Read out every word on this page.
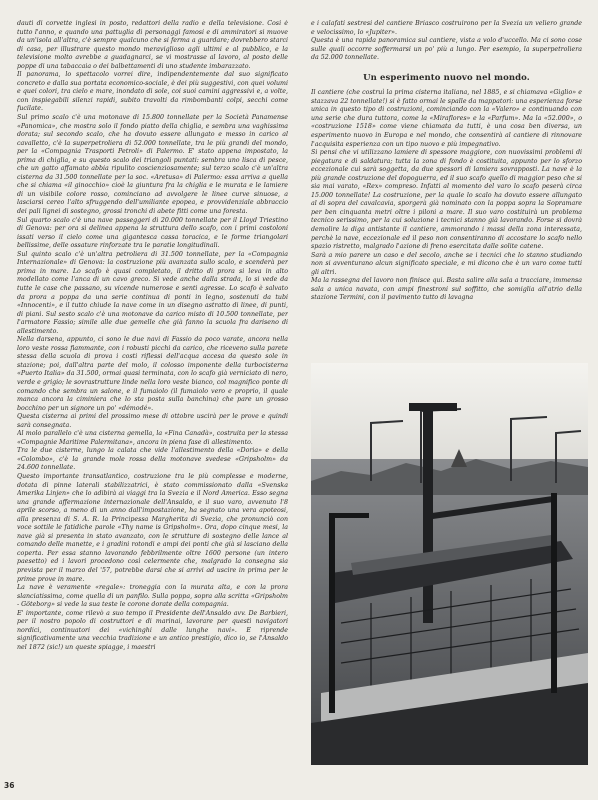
dauti di corvette inglesi in posto, redattori della radio e della televisione. Così è tutto l'anno, e quando una pattuglia di personaggi famosi e di ammiratori si muove da un'isola all'altra, c'è sempre qualcuno che si ferma a guardare; dovrebbero starci di casa, per illustrare questo mondo meraviglioso agli ultimi e al pubblico, e la televisione molto avrebbe a guadagnarci, se vi mostrasse al lavoro, al posto delle poppe di una tabaccaia o dei balbettamenti di uno studente imbarazzato.

Il panorama, lo spettacolo vorrei dire, indipendentemente dal suo significato concreto e dalla sua portata economico-sociale, è dei più suggestivi, con quei volumi e quei colori, tra cielo e mare, inondato di sole, coi suoi camini aggressivi e, a volte, con inspiegabili silenzi rapidi, subito travolti da rimbombanti colpi, secchi come fucilate.

Sul primo scalo c'è una motonave di 15.800 tonnellate per la Società Panamense «Panomica», che mostra solo il fondo piatto della chiglia, e sembra una vaghissima dorata; sul secondo scalo, che ha dovuto essere allungato e messo in carico al cavalletto, c'è la superpetroliera di 52.000 tonnellate, tra le più grandi del mondo, per la «Compagnia Trasporti Petroli» di Palermo. E' stato appena impostato, la prima di chiglia, e su questo scalo dei triangoli puntati: sembra uno lisca di pesce, che un gatto affamato abbia ripulito coscienziosamente; sul terzo scalo c'è un'altra cisterna da 31.500 tonnellate per la soc. «Aretusa» di Palermo: essa arriva a quella che si chiama «il ginocchio» cioè la giuntura fra la chiglia e le murata e le lamiere di un visibile colore rosso, cominciano ad avvolgere le linee curve sinuose, a lasciarsi cereo l'alto sfruggendo dell'umiliante epopea, e provvidenziale abbraccio dei pali lignei di sostegno, grossi tronchi di abete fitti come una foresta.

Sul quarto scalo c'è una nave passeggeri di 20.000 tonnellate per il Lloyd Triestino di Genova: per ora si delinea appena la struttura dello scafo, con i primi costoloni issati verso il cielo come una gigantesca cassa toracica, e le forme triangolari bellissime, delle ossature rinforzate tra le paratie longitudinali.

Sul quinto scalo c'è un'altra petroliera di 31.500 tonnellate, per la «Compagnia Internazionale» di Genova: la costruzione più avanzata sullo scalo, e scenderà per prima in mare. Lo scafo è quasi completato, il dritto di prora si leva in alto modellato come l'anca di un cavo greco. Si vede anche dalla strada, lo si vede da tutte le case che passano, su vicende numerose e senti agresse. Lo scafo è salvato da prora a poppa da una serie continua di ponti in legno, sostenuti da tubi «Innocenti», e il tutto chiude la nave come in un disegno astratto di linee, di punti, di piani. Sul sesto scalo c'è una motonave da carico misto di 10.500 tonnellate, per l'armatore Fassio; simile alle due gemelle che già fanno la scuola fra dariseno di allestimento.

Nella darsena, appunto, ci sono le due navi di Fassio da poco varate, ancora nella loro veste rossa fiammante, con i robusti picchi da carico, che riceveno sulla parete stessa della scuola di prova i costi riflessi dell'acqua accesa da questo sole in stazione; poi, dall'altra parte del molo, il colosso imponente della turbocisterna «Puerto Italia» da 31.500, ormai quasi terminata, con lo scafo già verniciato di nero, verde e grigio; le sovrastrutture linde nella loro veste bianco, col magnifico ponte di comando che sembra un salone, e il fumaiolo (il fumaiolo vero e proprio, il quale manca ancora la ciminiera che lo sta posta sulla banchina) che pare un grosso bocchino per un signore un po' «démodé».

Questa cisterna ai primi del prossimo mese di ottobre uscirà per le prove e quindi sarà consegnata.

Al molo parallelo c'è una cisterna gemella, la «Fina Canadà», costruita per la stessa «Compagnie Maritime Palermitana», ancora in piena fase di allestimento.

Tra le due cisterne, lungo la calata che vide l'allestimento della «Doria» e della «Colombo», c'è la grande mole rossa della motonave svedese «Gripsholm» da 24.600 tonnellate.

Questo importante transatlantico, costruzione tra le più complesse e moderne, dotata di pinne laterali stabilizzatrici, è stato commissionato dalla «Svenska Amerika Linjen» che lo adibirà ai viaggi tra la Svezia e il Nord America. Esso segna una grande affermazione internazionale dell'Ansaldo, e il suo varo, avvenuto l'8 aprile scorso, a meno di un anno dall'impostazione, ha segnato una vera apoteosi, alla presenza di S. A. R. la Principessa Margherita di Svezia, che pronunciò con voce sottile le fatidiche parole «Thy name is Gripsholm». Ora, dopo cinque mesi, la nave già si presenta in stato avanzato, con le strutture di sostegno delle lance al comando delle manette, e i gradini rotondi e ampi dei ponti che già si lasciano della coperta. Per essa stanno lavorando febbrilmente oltre 1600 persone (un intero paesetto) ed i lavori procedono così celermente che, malgrado la consegna sia prevista per il marzo del '57, potrebbe darsi che si arrivi ad uscire in prima per le prime prove in mare.

La nave è veramente «regale»: troneggia con la murata alta, e con la prora slanciatissima, come quella di un panfilo. Sulla poppa, sopra alla scritta «Gripsholm - Göteborg» si vede la sua teste le corone dorate della compagnia.

E' importante, come rilevò a suo tempo il Presidente dell'Ansaldo avv. De Barbieri, per il nostro popolo di costruttori e di marinai, lavorare per questi navigatori nordici, continuatori dei «vichinghi dalle lunghe navi». E riprende significativamente una vecchia tradizione e un antico prestigio, dico io, se l'Ansaldo nel 1872 (sic!) un queste spiagge, i maestri

e i calafati sestresi del cantiere Briasco costruirono per la Svezia un veliero grande e velocissimo, lo «Jupiter».

Questa è una rapida panoramica sul cantiere, vista a volo d'uccello. Ma ci sono cose sulle quali occorre soffermarsi un po' più a lungo. Per esempio, la superpetroliera da 52.000 tonnellate.

Un esperimento nuovo nel mondo.

Il cantiere (che costruì la prima cisterna italiana, nel 1885, e si chiamava «Giglio» e stazzava 22 tonnellate!) si è fatto ormai le spalle da mappatori: una esperienza forse unica in questo tipo di costruzioni, cominciando con la «Valero» e continuando con una serie che dura tuttora, come la «Miraflores» e la «Parfum». Ma la «52.000», o «costruzione 1518» come viene chiamata da tutti, è una cosa ben diversa, un esperimento nuovo in Europa e nel mondo, che consentirà al cantiere di rinnovare l'acquisita esperienza con un tipo nuovo e più impegnativo.

Si pensi che vi utilizzano lamiere di spessore maggiore, con nuovissimi problemi di piegatura e di saldatura; tutta la zona di fondo è costituita, appunto per lo sforzo eccezionale cui sarà soggetta, da due spessori di lamiera sovrapposti. La nave è la più grande costruzione del dopoguerra, ed il suo scafo quello di maggior peso che si sia mai varato, «Rex» compreso. Infatti al momento del varo lo scafo peserà circa 15.000 tonnellate! La costruzione, per la quale lo scalo ha dovuto essere allungato al di sopra del cavalcavia, sporgerà già nominato con la poppa sopra la Sopramare per ben cinquanta metri oltre i piloni a mare. Il suo varo costituirà un problema tecnico serissimo, per la cui soluzione i tecnici stanno già lavorando. Forse si dovrà demolire la diga antistante il cantiere, ammorando i massi della zona interessata, perchè la nave, eccezionale ed il peso non consentiranno di accostare lo scafo nello spazio ristretto, malgrado l'azione di freno esercitata dalle solite catene.

Sarà a mio parere un caso e del secolo, anche se i tecnici che lo stanno studiando non si avventurano alcun significato speciale, e mi dicono che è un varo come tutti gli altri.

Ma la rassegna del lavoro non finisce qui. Basta salire alla sala a tracciare, immensa sala a unica navata, con ampi finestroni sul soffitto, che somiglia all'atrio della stazione Termini, con il pavimento tutto di lavagna

36
